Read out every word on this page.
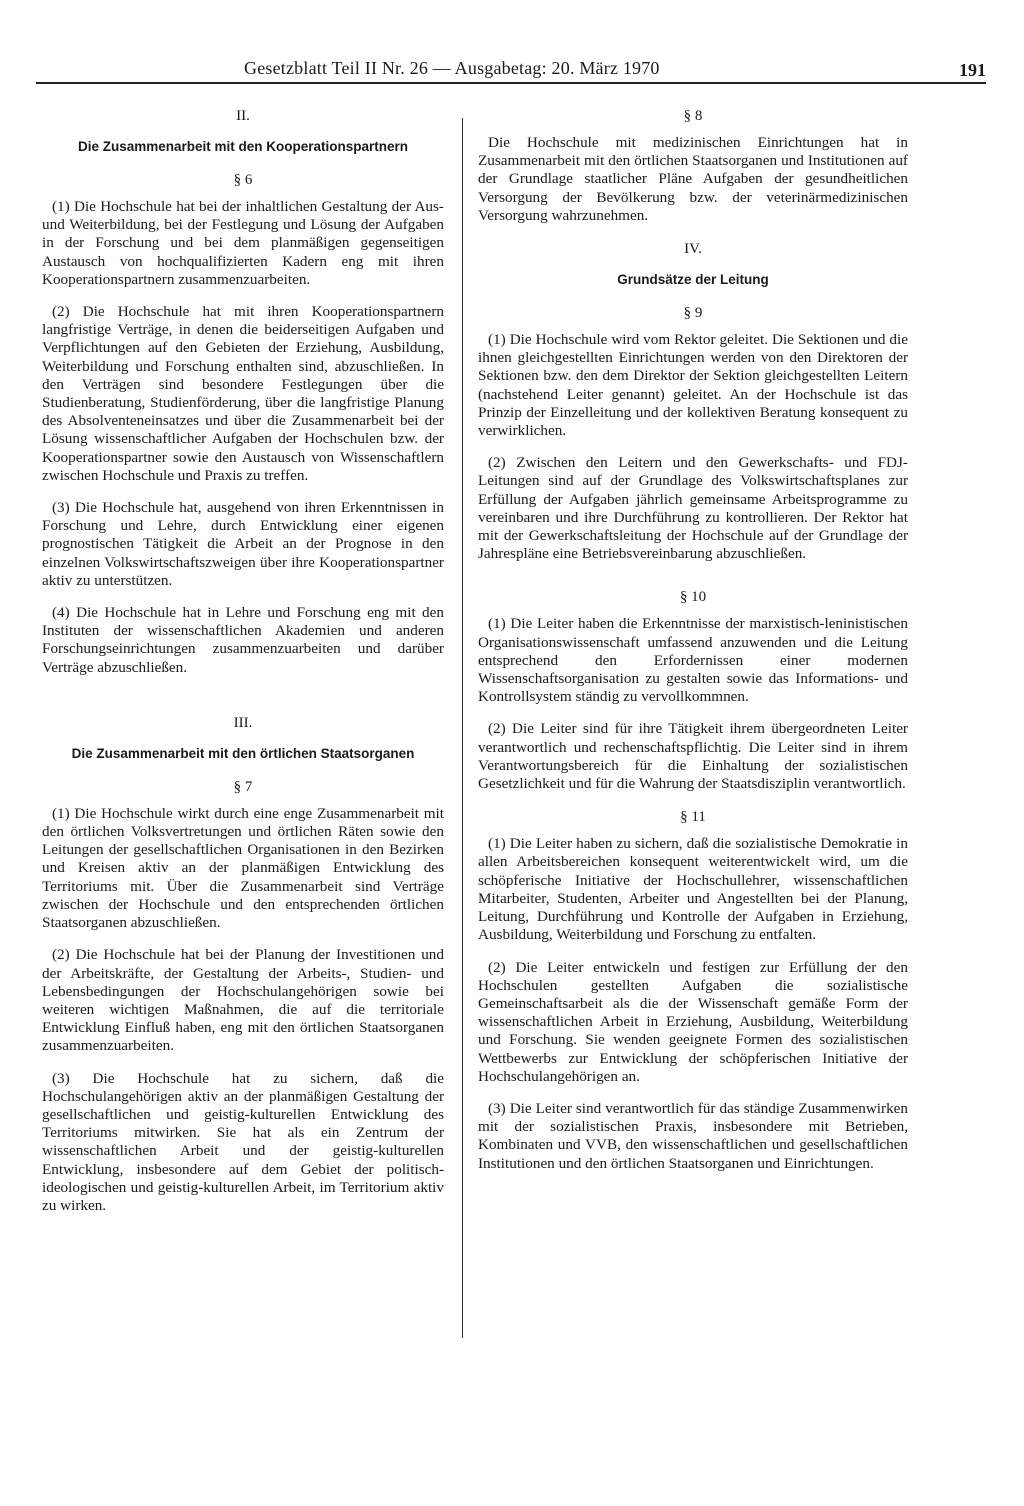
Gesetzblatt Teil II Nr. 26 — Ausgabetag: 20. März 1970	191
II.
Die Zusammenarbeit mit den Kooperationspartnern
§ 6

(1) Die Hochschule hat bei der inhaltlichen Gestaltung der Aus- und Weiterbildung, bei der Festlegung und Lösung der Aufgaben in der Forschung und bei dem planmäßigen gegenseitigen Austausch von hochqualifizierten Kadern eng mit ihren Kooperationspartnern zusammenzuarbeiten.

(2) Die Hochschule hat mit ihren Kooperationspartnern langfristige Verträge, in denen die beiderseitigen Aufgaben und Verpflichtungen auf den Gebieten der Erziehung, Ausbildung, Weiterbildung und Forschung enthalten sind, abzuschließen. In den Verträgen sind besondere Festlegungen über die Studienberatung, Studienförderung, über die langfristige Planung des Absolventeneinsatzes und über die Zusammenarbeit bei der Lösung wissenschaftlicher Aufgaben der Hochschulen bzw. der Kooperationspartner sowie den Austausch von Wissenschaftlern zwischen Hochschule und Praxis zu treffen.

(3) Die Hochschule hat, ausgehend von ihren Erkenntnissen in Forschung und Lehre, durch Entwicklung einer eigenen prognostischen Tätigkeit die Arbeit an der Prognose in den einzelnen Volkswirtschaftszweigen über ihre Kooperationspartner aktiv zu unterstützen.

(4) Die Hochschule hat in Lehre und Forschung eng mit den Instituten der wissenschaftlichen Akademien und anderen Forschungseinrichtungen zusammenzuarbeiten und darüber Verträge abzuschließen.

III.
Die Zusammenarbeit mit den örtlichen Staatsorganen
§ 7

(1) Die Hochschule wirkt durch eine enge Zusammenarbeit mit den örtlichen Volksvertretungen und örtlichen Räten sowie den Leitungen der gesellschaftlichen Organisationen in den Bezirken und Kreisen aktiv an der planmäßigen Entwicklung des Territoriums mit. Über die Zusammenarbeit sind Verträge zwischen der Hochschule und den entsprechenden örtlichen Staatsorganen abzuschließen.

(2) Die Hochschule hat bei der Planung der Investitionen und der Arbeitskräfte, der Gestaltung der Arbeits-, Studien- und Lebensbedingungen der Hochschulangehörigen sowie bei weiteren wichtigen Maßnahmen, die auf die territoriale Entwicklung Einfluß haben, eng mit den örtlichen Staatsorganen zusammenzuarbeiten.

(3) Die Hochschule hat zu sichern, daß die Hochschulangehörigen aktiv an der planmäßigen Gestaltung der gesellschaftlichen und geistig-kulturellen Entwicklung des Territoriums mitwirken. Sie hat als ein Zentrum der wissenschaftlichen Arbeit und der geistig-kulturellen Entwicklung, insbesondere auf dem Gebiet der politisch-ideologischen und geistig-kulturellen Arbeit, im Territorium aktiv zu wirken.

§ 8

Die Hochschule mit medizinischen Einrichtungen hat in Zusammenarbeit mit den örtlichen Staatsorganen und Institutionen auf der Grundlage staatlicher Pläne Aufgaben der gesundheitlichen Versorgung der Bevölkerung bzw. der veterinärmedizinischen Versorgung wahrzunehmen.

IV.
Grundsätze der Leitung
§ 9

(1) Die Hochschule wird vom Rektor geleitet. Die Sektionen und die ihnen gleichgestellten Einrichtungen werden von den Direktoren der Sektionen bzw. den dem Direktor der Sektion gleichgestellten Leitern (nachstehend Leiter genannt) geleitet. An der Hochschule ist das Prinzip der Einzelleitung und der kollektiven Beratung konsequent zu verwirklichen.

(2) Zwischen den Leitern und den Gewerkschafts- und FDJ-Leitungen sind auf der Grundlage des Volkswirtschaftsplanes zur Erfüllung der Aufgaben jährlich gemeinsame Arbeitsprogramme zu vereinbaren und ihre Durchführung zu kontrollieren. Der Rektor hat mit der Gewerkschaftsleitung der Hochschule auf der Grundlage der Jahrespläne eine Betriebsvereinbarung abzuschließen.

§ 10

(1) Die Leiter haben die Erkenntnisse der marxistisch-leninistischen Organisationswissenschaft umfassend anzuwenden und die Leitung entsprechend den Erfordernissen einer modernen Wissenschaftsorganisation zu gestalten sowie das Informations- und Kontrollsystem ständig zu vervollkommnen.

(2) Die Leiter sind für ihre Tätigkeit ihrem übergeordneten Leiter verantwortlich und rechenschaftspflichtig. Die Leiter sind in ihrem Verantwortungsbereich für die Einhaltung der sozialistischen Gesetzlichkeit und für die Wahrung der Staatsdisziplin verantwortlich.

§ 11

(1) Die Leiter haben zu sichern, daß die sozialistische Demokratie in allen Arbeitsbereichen konsequent weiterentwickelt wird, um die schöpferische Initiative der Hochschullehrer, wissenschaftlichen Mitarbeiter, Studenten, Arbeiter und Angestellten bei der Planung, Leitung, Durchführung und Kontrolle der Aufgaben in Erziehung, Ausbildung, Weiterbildung und Forschung zu entfalten.

(2) Die Leiter entwickeln und festigen zur Erfüllung der den Hochschulen gestellten Aufgaben die sozialistische Gemeinschaftsarbeit als die der Wissenschaft gemäße Form der wissenschaftlichen Arbeit in Erziehung, Ausbildung, Weiterbildung und Forschung. Sie wenden geeignete Formen des sozialistischen Wettbewerbs zur Entwicklung der schöpferischen Initiative der Hochschulangehörigen an.

(3) Die Leiter sind verantwortlich für das ständige Zusammenwirken mit der sozialistischen Praxis, insbesondere mit Betrieben, Kombinaten und VVB, den wissenschaftlichen und gesellschaftlichen Institutionen und den örtlichen Staatsorganen und Einrichtungen.
